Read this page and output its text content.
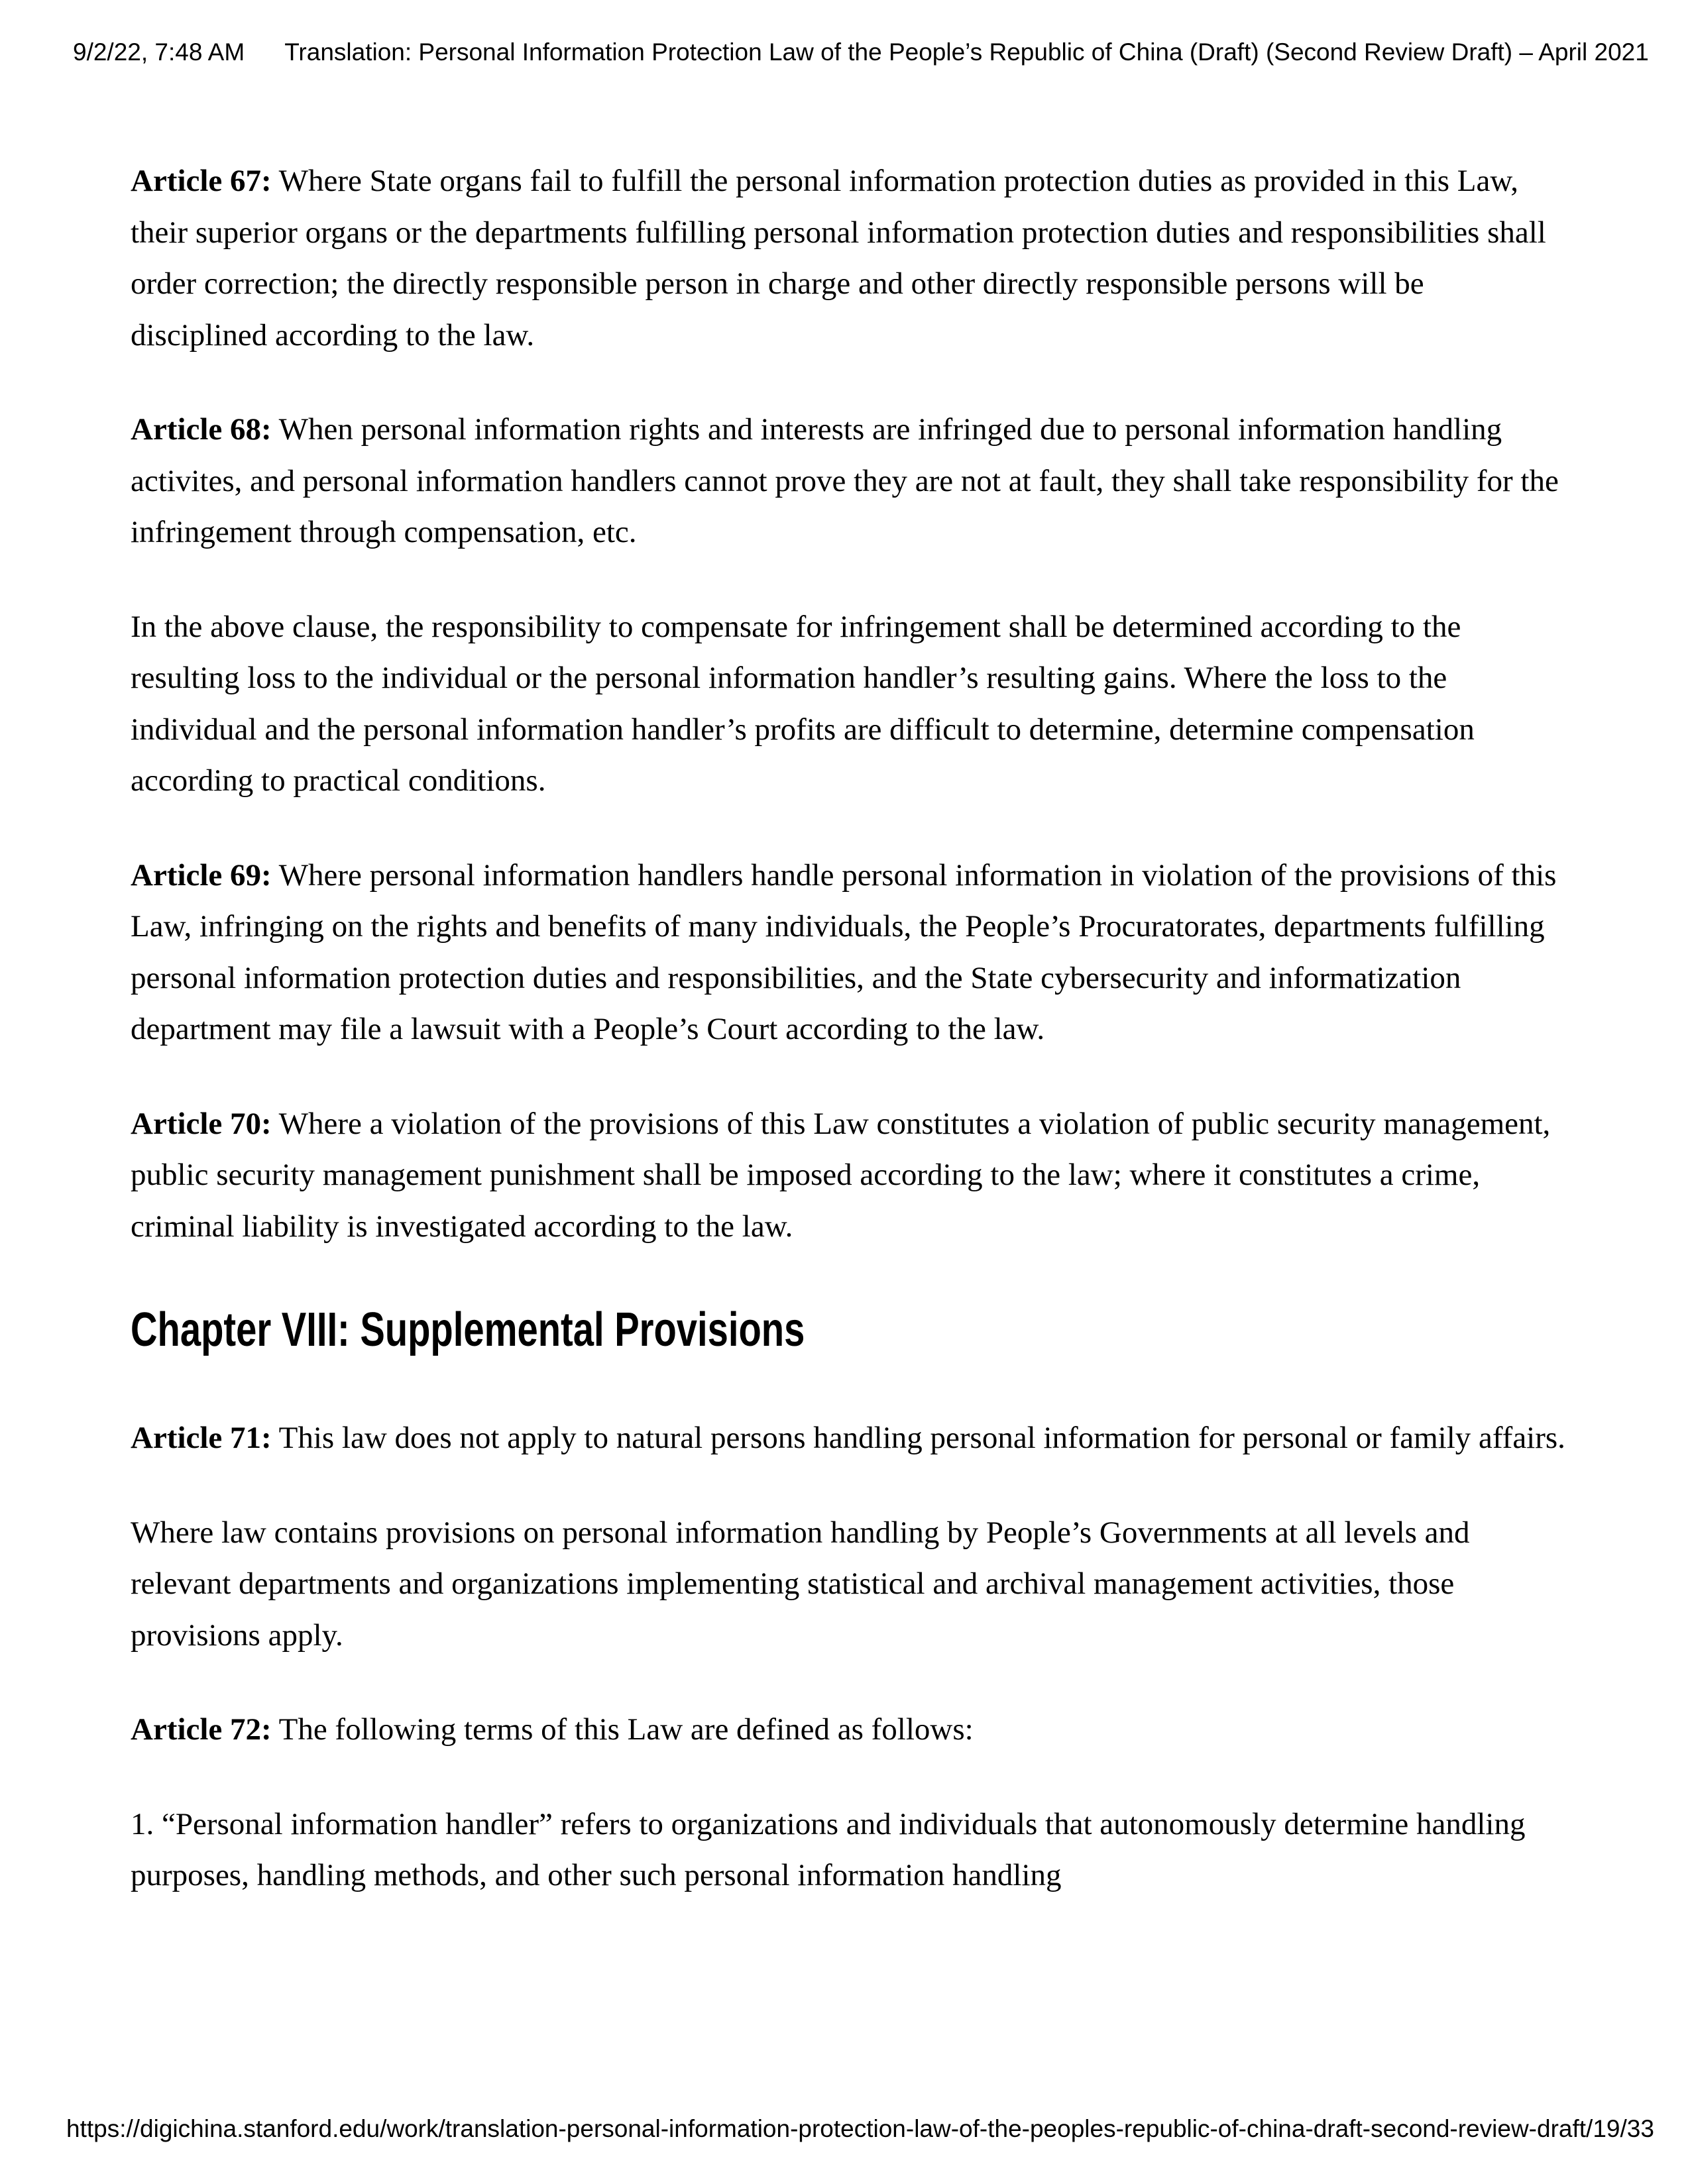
9/2/22, 7:48 AM Translation: Personal Information Protection Law of the People’s Republic of China (Draft) (Second Review Draft) – April 2021

Article 67: Where State organs fail to fulfill the personal information protection duties as provided in this Law, their superior organs or the departments fulfilling personal information protection duties and responsibilities shall order correction; the directly responsible person in charge and other directly responsible persons will be disciplined according to the law.

Article 68: When personal information rights and interests are infringed due to personal information handling activites, and personal information handlers cannot prove they are not at fault, they shall take responsibility for the infringement through compensation, etc.

In the above clause, the responsibility to compensate for infringement shall be determined according to the resulting loss to the individual or the personal information handler’s resulting gains. Where the loss to the individual and the personal information handler’s profits are difficult to determine, determine compensation according to practical conditions.

Article 69: Where personal information handlers handle personal information in violation of the provisions of this Law, infringing on the rights and benefits of many individuals, the People’s Procuratorates, departments fulfilling personal information protection duties and responsibilities, and the State cybersecurity and informatization department may file a lawsuit with a People’s Court according to the law.

Article 70: Where a violation of the provisions of this Law constitutes a violation of public security management, public security management punishment shall be imposed according to the law; where it constitutes a crime, criminal liability is investigated according to the law.

Chapter VIII: Supplemental Provisions

Article 71: This law does not apply to natural persons handling personal information for personal or family affairs.

Where law contains provisions on personal information handling by People’s Governments at all levels and relevant departments and organizations implementing statistical and archival management activities, those provisions apply.

Article 72: The following terms of this Law are defined as follows:

1. “Personal information handler” refers to organizations and individuals that autonomously determine handling purposes, handling methods, and other such personal information handling

https://digichina.stanford.edu/work/translation-personal-information-protection-law-of-the-peoples-republic-of-china-draft-second-review-draft/ 19/33
